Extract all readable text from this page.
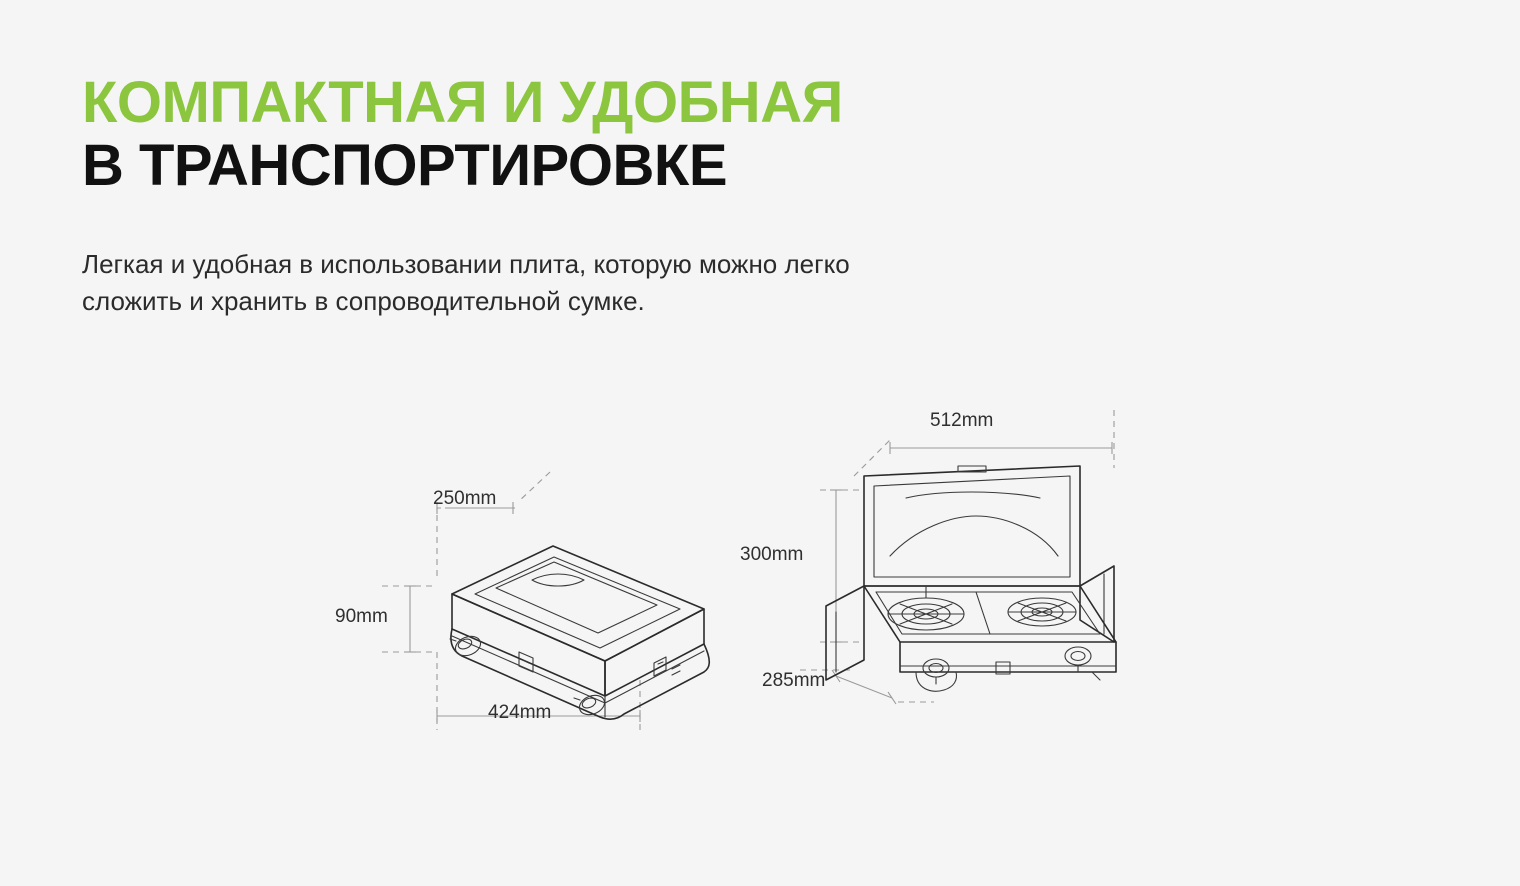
КОМПАКТНАЯ И УДОБНАЯ
В ТРАНСПОРТИРОВКЕ

Легкая и удобная в использовании плита, которую можно легко
сложить и хранить в сопроводительной сумке.

250mm
90mm
424mm
512mm
300mm
285mm
